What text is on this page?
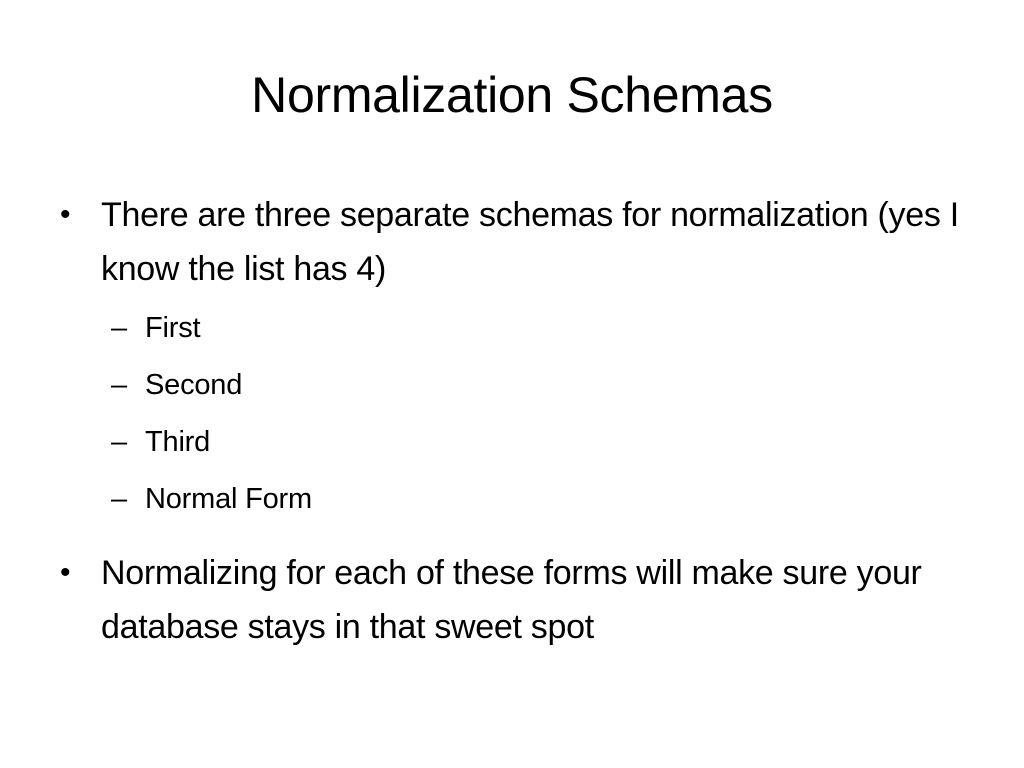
Normalization Schemas
• There are three separate schemas for normalization (yes I know the list has 4)
– First
– Second
– Third
– Normal Form
• Normalizing for each of these forms will make sure your database stays in that sweet spot
